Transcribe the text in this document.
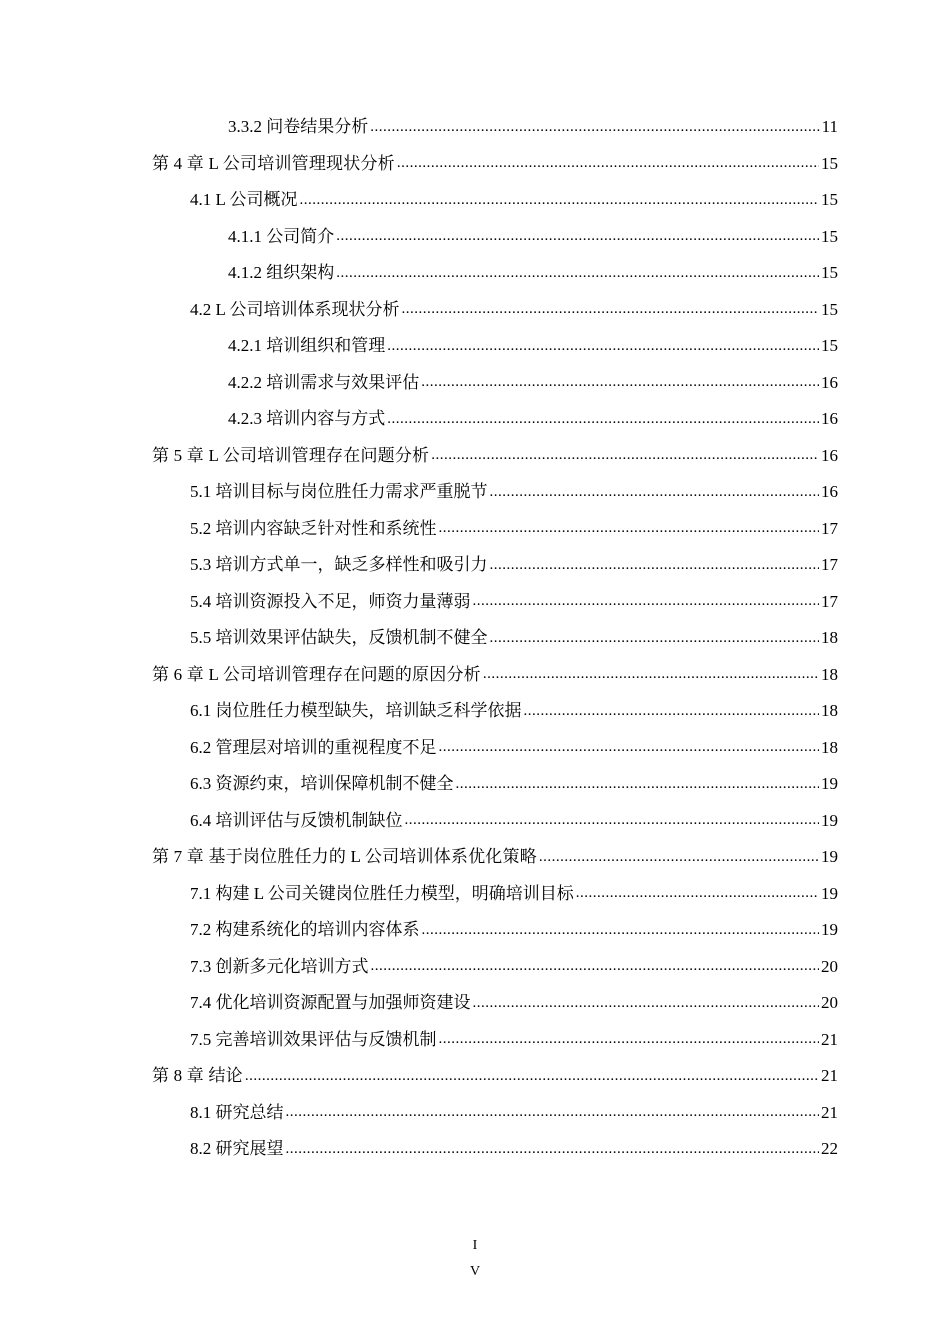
3.3.2 问卷结果分析 .....	11
第 4 章 L 公司培训管理现状分析 .....	15
4.1 L 公司概况 .....	15
4.1.1 公司简介 .....	15
4.1.2 组织架构 .....	15
4.2 L 公司培训体系现状分析 .....	15
4.2.1 培训组织和管理 .....	15
4.2.2 培训需求与效果评估 .....	16
4.2.3 培训内容与方式 .....	16
第 5 章 L 公司培训管理存在问题分析 .....	16
5.1 培训目标与岗位胜任力需求严重脱节 .....	16
5.2 培训内容缺乏针对性和系统性 .....	17
5.3 培训方式单一，缺乏多样性和吸引力 .....	17
5.4 培训资源投入不足，师资力量薄弱 .....	17
5.5 培训效果评估缺失，反馈机制不健全 .....	18
第 6 章 L 公司培训管理存在问题的原因分析 .....	18
6.1 岗位胜任力模型缺失，培训缺乏科学依据 .....	18
6.2 管理层对培训的重视程度不足 .....	18
6.3 资源约束，培训保障机制不健全 .....	19
6.4 培训评估与反馈机制缺位 .....	19
第 7 章 基于岗位胜任力的 L 公司培训体系优化策略 .....	19
7.1 构建 L 公司关键岗位胜任力模型，明确培训目标 .....	19
7.2 构建系统化的培训内容体系 .....	19
7.3 创新多元化培训方式 .....	20
7.4 优化培训资源配置与加强师资建设 .....	20
7.5 完善培训效果评估与反馈机制 .....	21
第 8 章 结论 .....	21
8.1 研究总结 .....	21
8.2 研究展望 .....	22
I
V
